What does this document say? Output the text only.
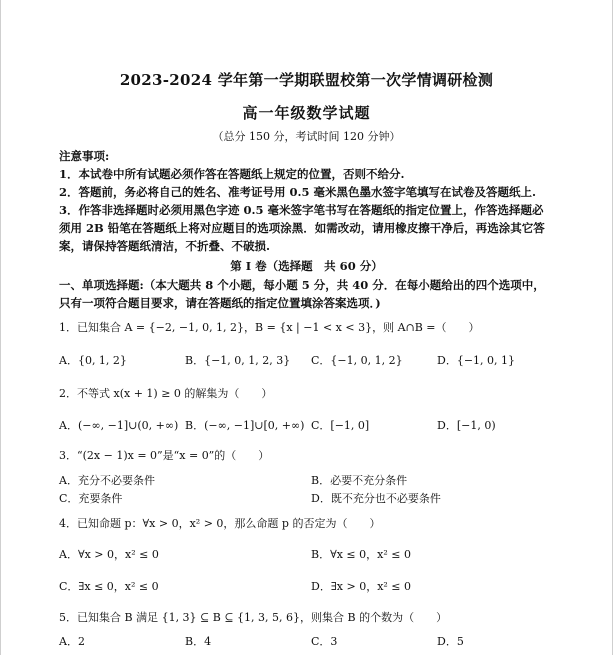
2023-2024 学年第一学期联盟校第一次学情调研检测
高一年级数学试题
（总分 150 分，考试时间 120 分钟）
注意事项:
1．本试卷中所有试题必须作答在答题纸上规定的位置，否则不给分.
2．答题前，务必将自己的姓名、准考证号用 0.5 毫米黑色墨水签字笔填写在试卷及答题纸上.
3．作答非选择题时必须用黑色字迹 0.5 毫米签字笔书写在答题纸的指定位置上，作答选择题必
须用 2B 铅笔在答题纸上将对应题目的选项涂黑．如需改动，请用橡皮擦干净后，再选涂其它答
案，请保持答题纸清洁，不折叠、不破损.
第 I 卷（选择题　共 60 分）
一、单项选择题:（本大题共 8 个小题，每小题 5 分，共 40 分．在每小题给出的四个选项中，
只有一项符合题目要求，请在答题纸的指定位置填涂答案选项．)
1．已知集合 A = {−2, −1, 0, 1, 2}，B = {x | −1 < x < 3}，则 A∩B =（　　）
A．{0, 1, 2}	B．{−1, 0, 1, 2, 3} C．{−1, 0, 1, 2}	D．{−1, 0, 1}
2．不等式 x(x + 1) ≥ 0 的解集为（　　）
A．(−∞, −1]∪(0, +∞) B．(−∞, −1]∪[0, +∞) C．[−1, 0]	D．[−1, 0)
3．“(2x − 1)x = 0”是“x = 0”的（　　）
A．充分不必要条件	B．必要不充分条件
C．充要条件	D．既不充分也不必要条件
4．已知命题 p：∀x > 0，x² > 0，那么命题 p 的否定为（　　）
A．∀x > 0，x² ≤ 0	B．∀x ≤ 0，x² ≤ 0
C．∃x ≤ 0，x² ≤ 0	D．∃x > 0，x² ≤ 0
5．已知集合 B 满足 {1, 3} ⊆ B ⊆ {1, 3, 5, 6}，则集合 B 的个数为（　　）
A．2	B．4	C．3	D．5
